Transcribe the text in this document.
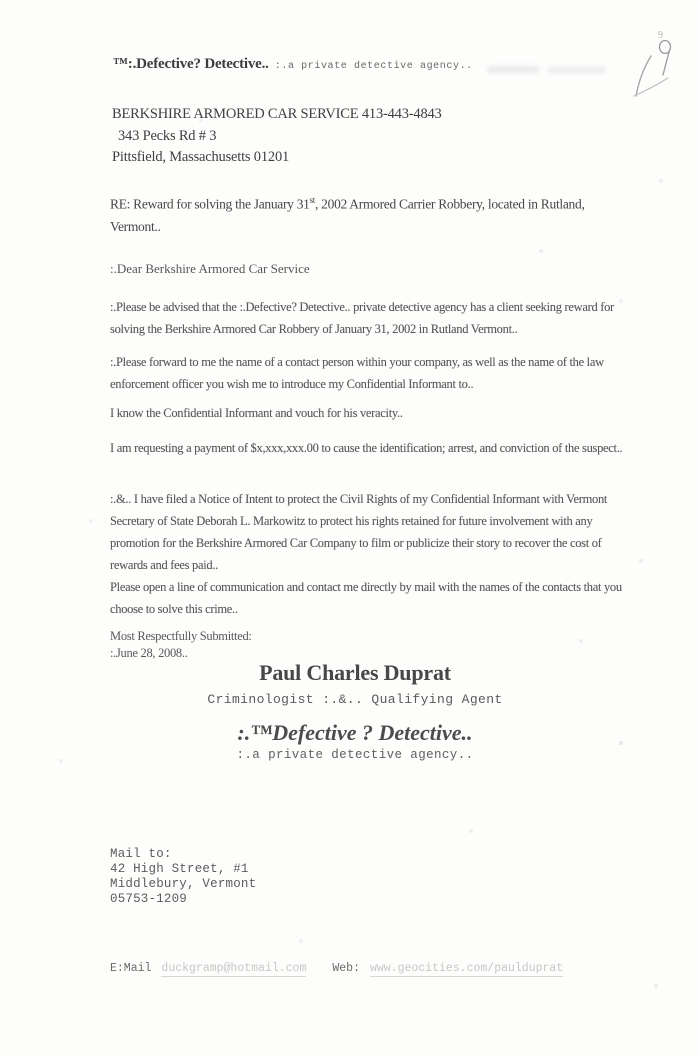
™:.Defective? Detective.. :.a private detective agency..
9
BERKSHIRE ARMORED CAR SERVICE 413-443-4843
343 Pecks Rd # 3
Pittsfield, Massachusetts 01201
RE: Reward for solving the January 31st, 2002 Armored Carrier Robbery, located in Rutland, Vermont..
:.Dear Berkshire Armored Car Service
:.Please be advised that the :.Defective? Detective.. private detective agency has a client seeking reward for solving the Berkshire Armored Car Robbery of January 31, 2002 in Rutland Vermont..
:.Please forward to me the name of a contact person within your company, as well as the name of the law enforcement officer you wish me to introduce my Confidential Informant to..
I know the Confidential Informant and vouch for his veracity..
I am requesting a payment of $x,xxx,xxx.00 to cause the identification; arrest, and conviction of the suspect..
:.&.. I have filed a Notice of Intent to protect the Civil Rights of my Confidential Informant with Vermont Secretary of State Deborah L. Markowitz to protect his rights retained for future involvement with any promotion for the Berkshire Armored Car Company to film or publicize their story to recover the cost of rewards and fees paid..
Please open a line of communication and contact me directly by mail with the names of the contacts that you choose to solve this crime..
Most Respectfully Submitted:
:.June 28, 2008..
Paul Charles Duprat
Criminologist :.&.. Qualifying Agent
:.™Defective ? Detective..
:.a private detective agency..
Mail to:
42 High Street, #1
Middlebury, Vermont
05753-1209
E:Mail duckgramp@hotmail.com Web: www.geocities.com/paulduprat
